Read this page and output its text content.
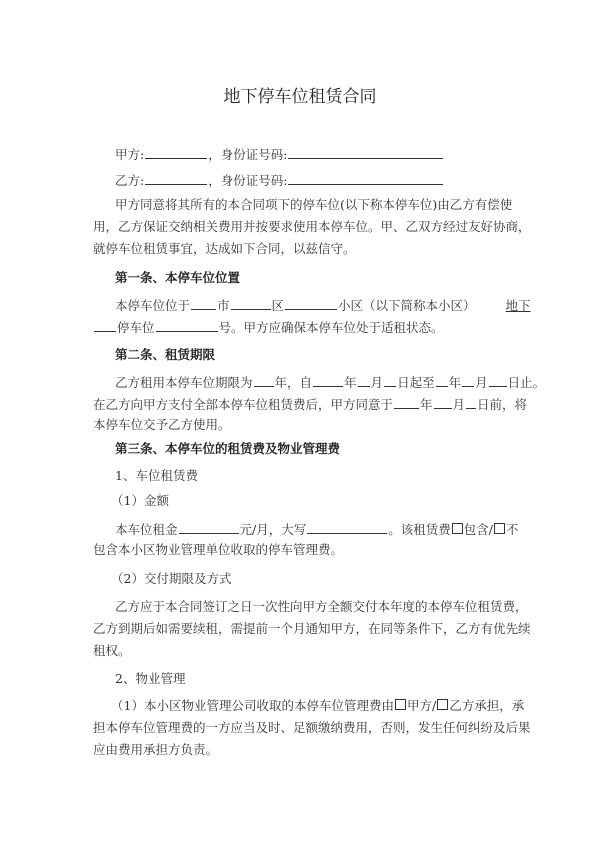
地下停车位租赁合同
甲方:	，身份证号码:
乙方:	，身份证号码:
甲方同意将其所有的本合同项下的停车位(以下称本停车位)由乙方有偿使
用，乙方保证交纳相关费用并按要求使用本停车位。甲、乙双方经过友好协商，
就停车位租赁事宜，达成如下合同，以兹信守。
第一条、本停车位位置
本停车位位于 市	区	小区（以下简称本小区） 地下
停车位	号。甲方应确保本停车位处于适租状态。
第二条、租赁期限
乙方租用本停车位期限为 年，自	年 月 日起至 年 月 日止。
在乙方向甲方支付全部本停车位租赁费后，甲方同意于 年 月 日前，将
本停车位交予乙方使用。
第三条、本停车位的租赁费及物业管理费
1、车位租赁费
（1）金额
本车位租金	元/月，大写	。该租赁费 包含/ 不
包含本小区物业管理单位收取的停车管理费。
（2）交付期限及方式
乙方应于本合同签订之日一次性向甲方全额交付本年度的本停车位租赁费，
乙方到期后如需要续租，需提前一个月通知甲方，在同等条件下，乙方有优先续
租权。
2、物业管理
（1）本小区物业管理公司收取的本停车位管理费由 甲方/ 乙方承担，承
担本停车位管理费的一方应当及时、足额缴纳费用，否则，发生任何纠纷及后果
应由费用承担方负责。
